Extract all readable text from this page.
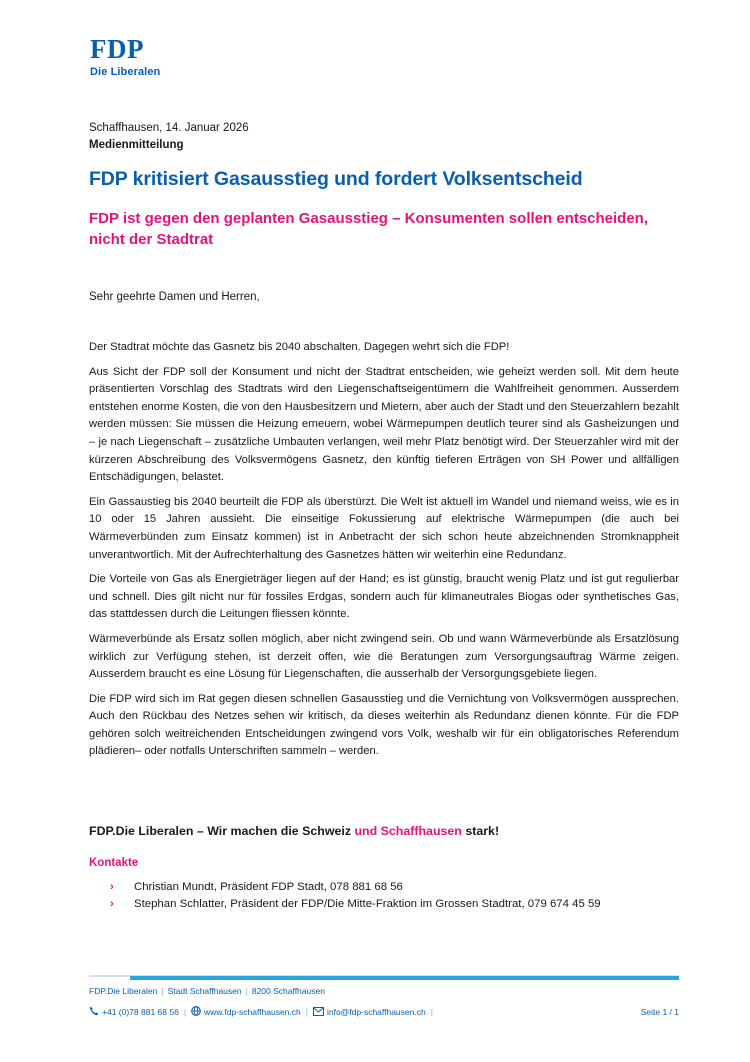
FDP
Die Liberalen
Schaffhausen, 14. Januar 2026
Medienmitteilung
FDP kritisiert Gasausstieg und fordert Volksentscheid
FDP ist gegen den geplanten Gasausstieg – Konsumenten sollen entscheiden, nicht der Stadtrat
Sehr geehrte Damen und Herren,

Der Stadtrat möchte das Gasnetz bis 2040 abschalten. Dagegen wehrt sich die FDP!

Aus Sicht der FDP soll der Konsument und nicht der Stadtrat entscheiden, wie geheizt werden soll. Mit dem heute präsentierten Vorschlag des Stadtrats wird den Liegenschaftseigentümern die Wahlfreiheit genommen. Ausserdem entstehen enorme Kosten, die von den Hausbesitzern und Mietern, aber auch der Stadt und den Steuerzahlern bezahlt werden müssen: Sie müssen die Heizung erneuern, wobei Wärmepumpen deutlich teurer sind als Gasheizungen und – je nach Liegenschaft – zusätzliche Umbauten verlangen, weil mehr Platz benötigt wird. Der Steuerzahler wird mit der kürzeren Abschreibung des Volksvermögens Gasnetz, den künftig tieferen Erträgen von SH Power und allfälligen Entschädigungen, belastet.

Ein Gassaustieg bis 2040 beurteilt die FDP als überstürzt. Die Welt ist aktuell im Wandel und niemand weiss, wie es in 10 oder 15 Jahren aussieht. Die einseitige Fokussierung auf elektrische Wärmepumpen (die auch bei Wärmeverbünden zum Einsatz kommen) ist in Anbetracht der sich schon heute abzeichnenden Stromknappheit unverantwortlich. Mit der Aufrechterhaltung des Gasnetzes hätten wir weiterhin eine Redundanz.

Die Vorteile von Gas als Energieträger liegen auf der Hand; es ist günstig, braucht wenig Platz und ist gut regulierbar und schnell. Dies gilt nicht nur für fossiles Erdgas, sondern auch für klimaneutrales Biogas oder synthetisches Gas, das stattdessen durch die Leitungen fliessen könnte.

Wärmeverbünde als Ersatz sollen möglich, aber nicht zwingend sein. Ob und wann Wärmeverbünde als Ersatzlösung wirklich zur Verfügung stehen, ist derzeit offen, wie die Beratungen zum Versorgungsauftrag Wärme zeigen. Ausserdem braucht es eine Lösung für Liegenschaften, die ausserhalb der Versorgungsgebiete liegen.

Die FDP wird sich im Rat gegen diesen schnellen Gasausstieg und die Vernichtung von Volksvermögen aussprechen. Auch den Rückbau des Netzes sehen wir kritisch, da dieses weiterhin als Redundanz dienen könnte. Für die FDP gehören solch weitreichenden Entscheidungen zwingend vors Volk, weshalb wir für ein obligatorisches Referendum plädieren– oder notfalls Unterschriften sammeln – werden.

FDP.Die Liberalen – Wir machen die Schweiz und Schaffhausen stark!
Kontakte
›	Christian Mundt, Präsident FDP Stadt, 078 881 68 56
›	Stephan Schlatter, Präsident der FDP/Die Mitte-Fraktion im Grossen Stadtrat, 079 674 45 59
FDP.Die Liberalen | Stadt Schaffhausen | 8200 Schaffhausen
+41 (0)78 881 68 56 | www.fdp-schaffhausen.ch | info@fdp-schaffhausen.ch |	Seite 1 / 1
